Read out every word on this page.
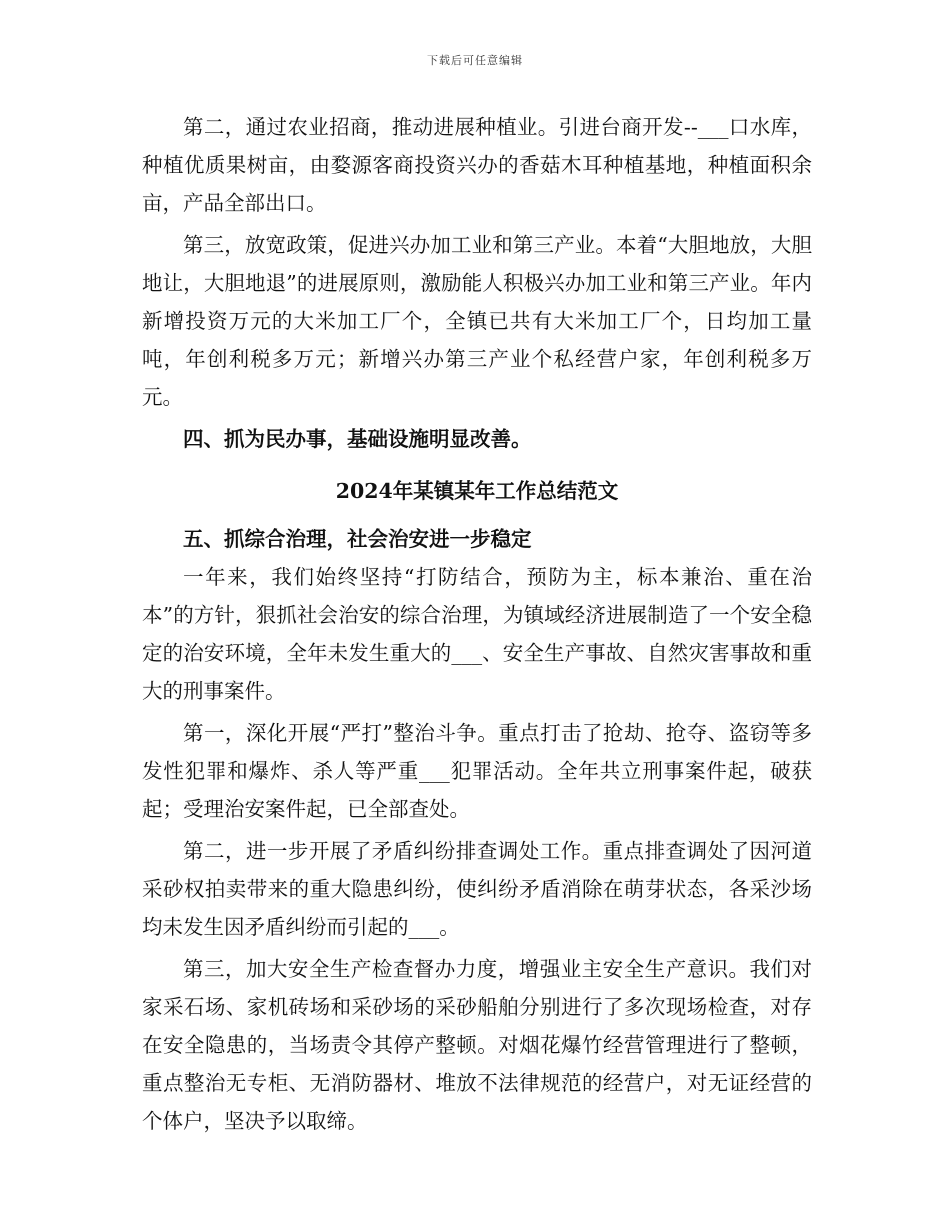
下载后可任意编辑

第二，通过农业招商，推动进展种植业。引进台商开发--___口水库，种植优质果树亩，由婺源客商投资兴办的香菇木耳种植基地，种植面积余亩，产品全部出口。

第三，放宽政策，促进兴办加工业和第三产业。本着“大胆地放，大胆地让，大胆地退”的进展原则，激励能人积极兴办加工业和第三产业。年内新增投资万元的大米加工厂个，全镇已共有大米加工厂个，日均加工量吨，年创利税多万元；新增兴办第三产业个私经营户家，年创利税多万元。

四、抓为民办事，基础设施明显改善。

2024年某镇某年工作总结范文

五、抓综合治理，社会治安进一步稳定

一年来，我们始终坚持“打防结合，预防为主，标本兼治、重在治本”的方针，狠抓社会治安的综合治理，为镇域经济进展制造了一个安全稳定的治安环境，全年未发生重大的___、安全生产事故、自然灾害事故和重大的刑事案件。

第一，深化开展“严打”整治斗争。重点打击了抢劫、抢夺、盗窃等多发性犯罪和爆炸、杀人等严重___犯罪活动。全年共立刑事案件起，破获起；受理治安案件起，已全部查处。

第二，进一步开展了矛盾纠纷排查调处工作。重点排查调处了因河道采砂权拍卖带来的重大隐患纠纷，使纠纷矛盾消除在萌芽状态，各采沙场均未发生因矛盾纠纷而引起的___。

第三，加大安全生产检查督办力度，增强业主安全生产意识。我们对家采石场、家机砖场和采砂场的采砂船舶分别进行了多次现场检查，对存在安全隐患的，当场责令其停产整顿。对烟花爆竹经营管理进行了整顿，重点整治无专柜、无消防器材、堆放不法律规范的经营户，对无证经营的个体户，坚决予以取缔。
